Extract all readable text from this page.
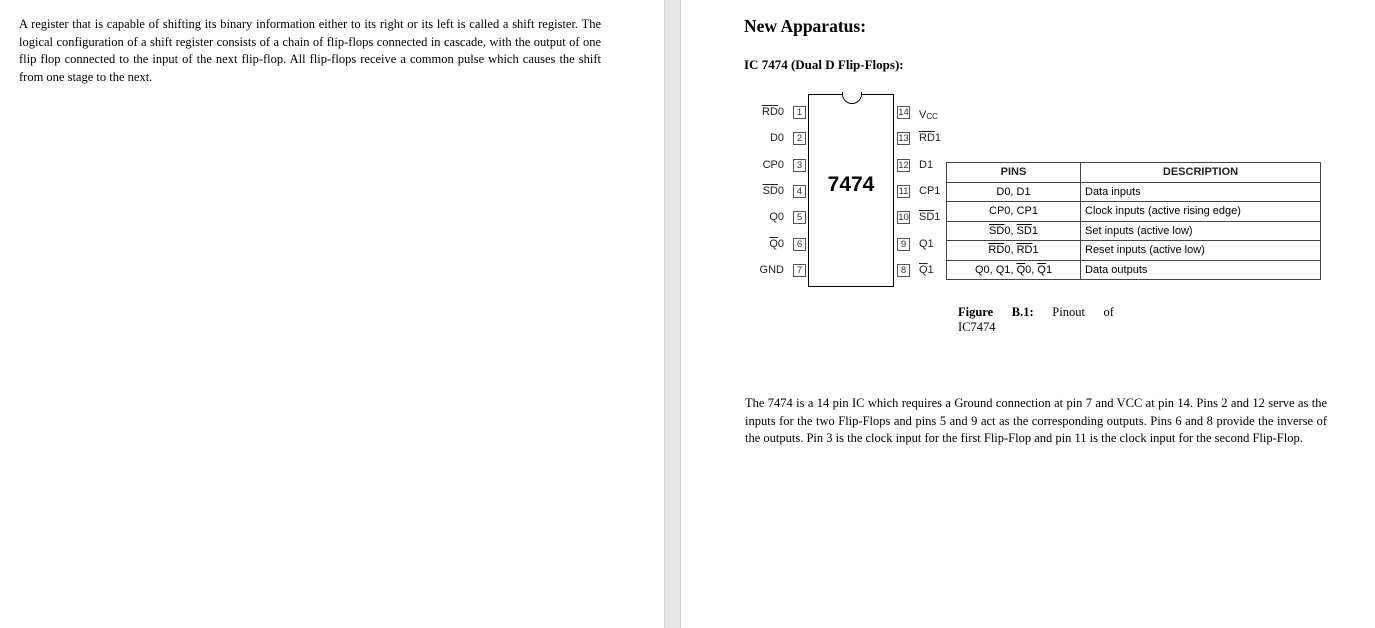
A register that is capable of shifting its binary information either to its right or its left is called a shift register. The logical configuration of a shift register consists of a chain of flip-flops connected in cascade, with the output of one flip flop connected to the input of the next flip-flop. All flip-flops receive a common pulse which causes the shift from one stage to the next.

New Apparatus:
IC 7474 (Dual D Flip-Flops):
7474
$\overline{RD}0$	1
D0	2
CP0	3
$\overline{SD}0$	4
Q0	5
$\overline{Q}0$	6
GND	7
14 VCC
13 $\overline{RD}1$
12 D1
11 CP1
10 $\overline{SD}1$
9	Q1
8	$\overline{Q}1$
PINS	DESCRIPTION
D0, D1	Data inputs
CP0, CP1	Clock inputs (active rising edge)
$\overline{SD}0$, $\overline{SD}1$	Set inputs (active low)
$\overline{RD}0$, $\overline{RD}1$	Reset inputs (active low)
Q0, Q1, $\overline{Q}0$, $\overline{Q}1$	Data outputs
Figure B.1: Pinout of
IC7474

The 7474 is a 14 pin IC which requires a Ground connection at pin 7 and VCC at pin 14. Pins 2 and 12 serve as the inputs for the two Flip-Flops and pins 5 and 9 act as the corresponding outputs. Pins 6 and 8 provide the inverse of the outputs. Pin 3 is the clock input for the first Flip-Flop and pin 11 is the clock input for the second Flip-Flop.
